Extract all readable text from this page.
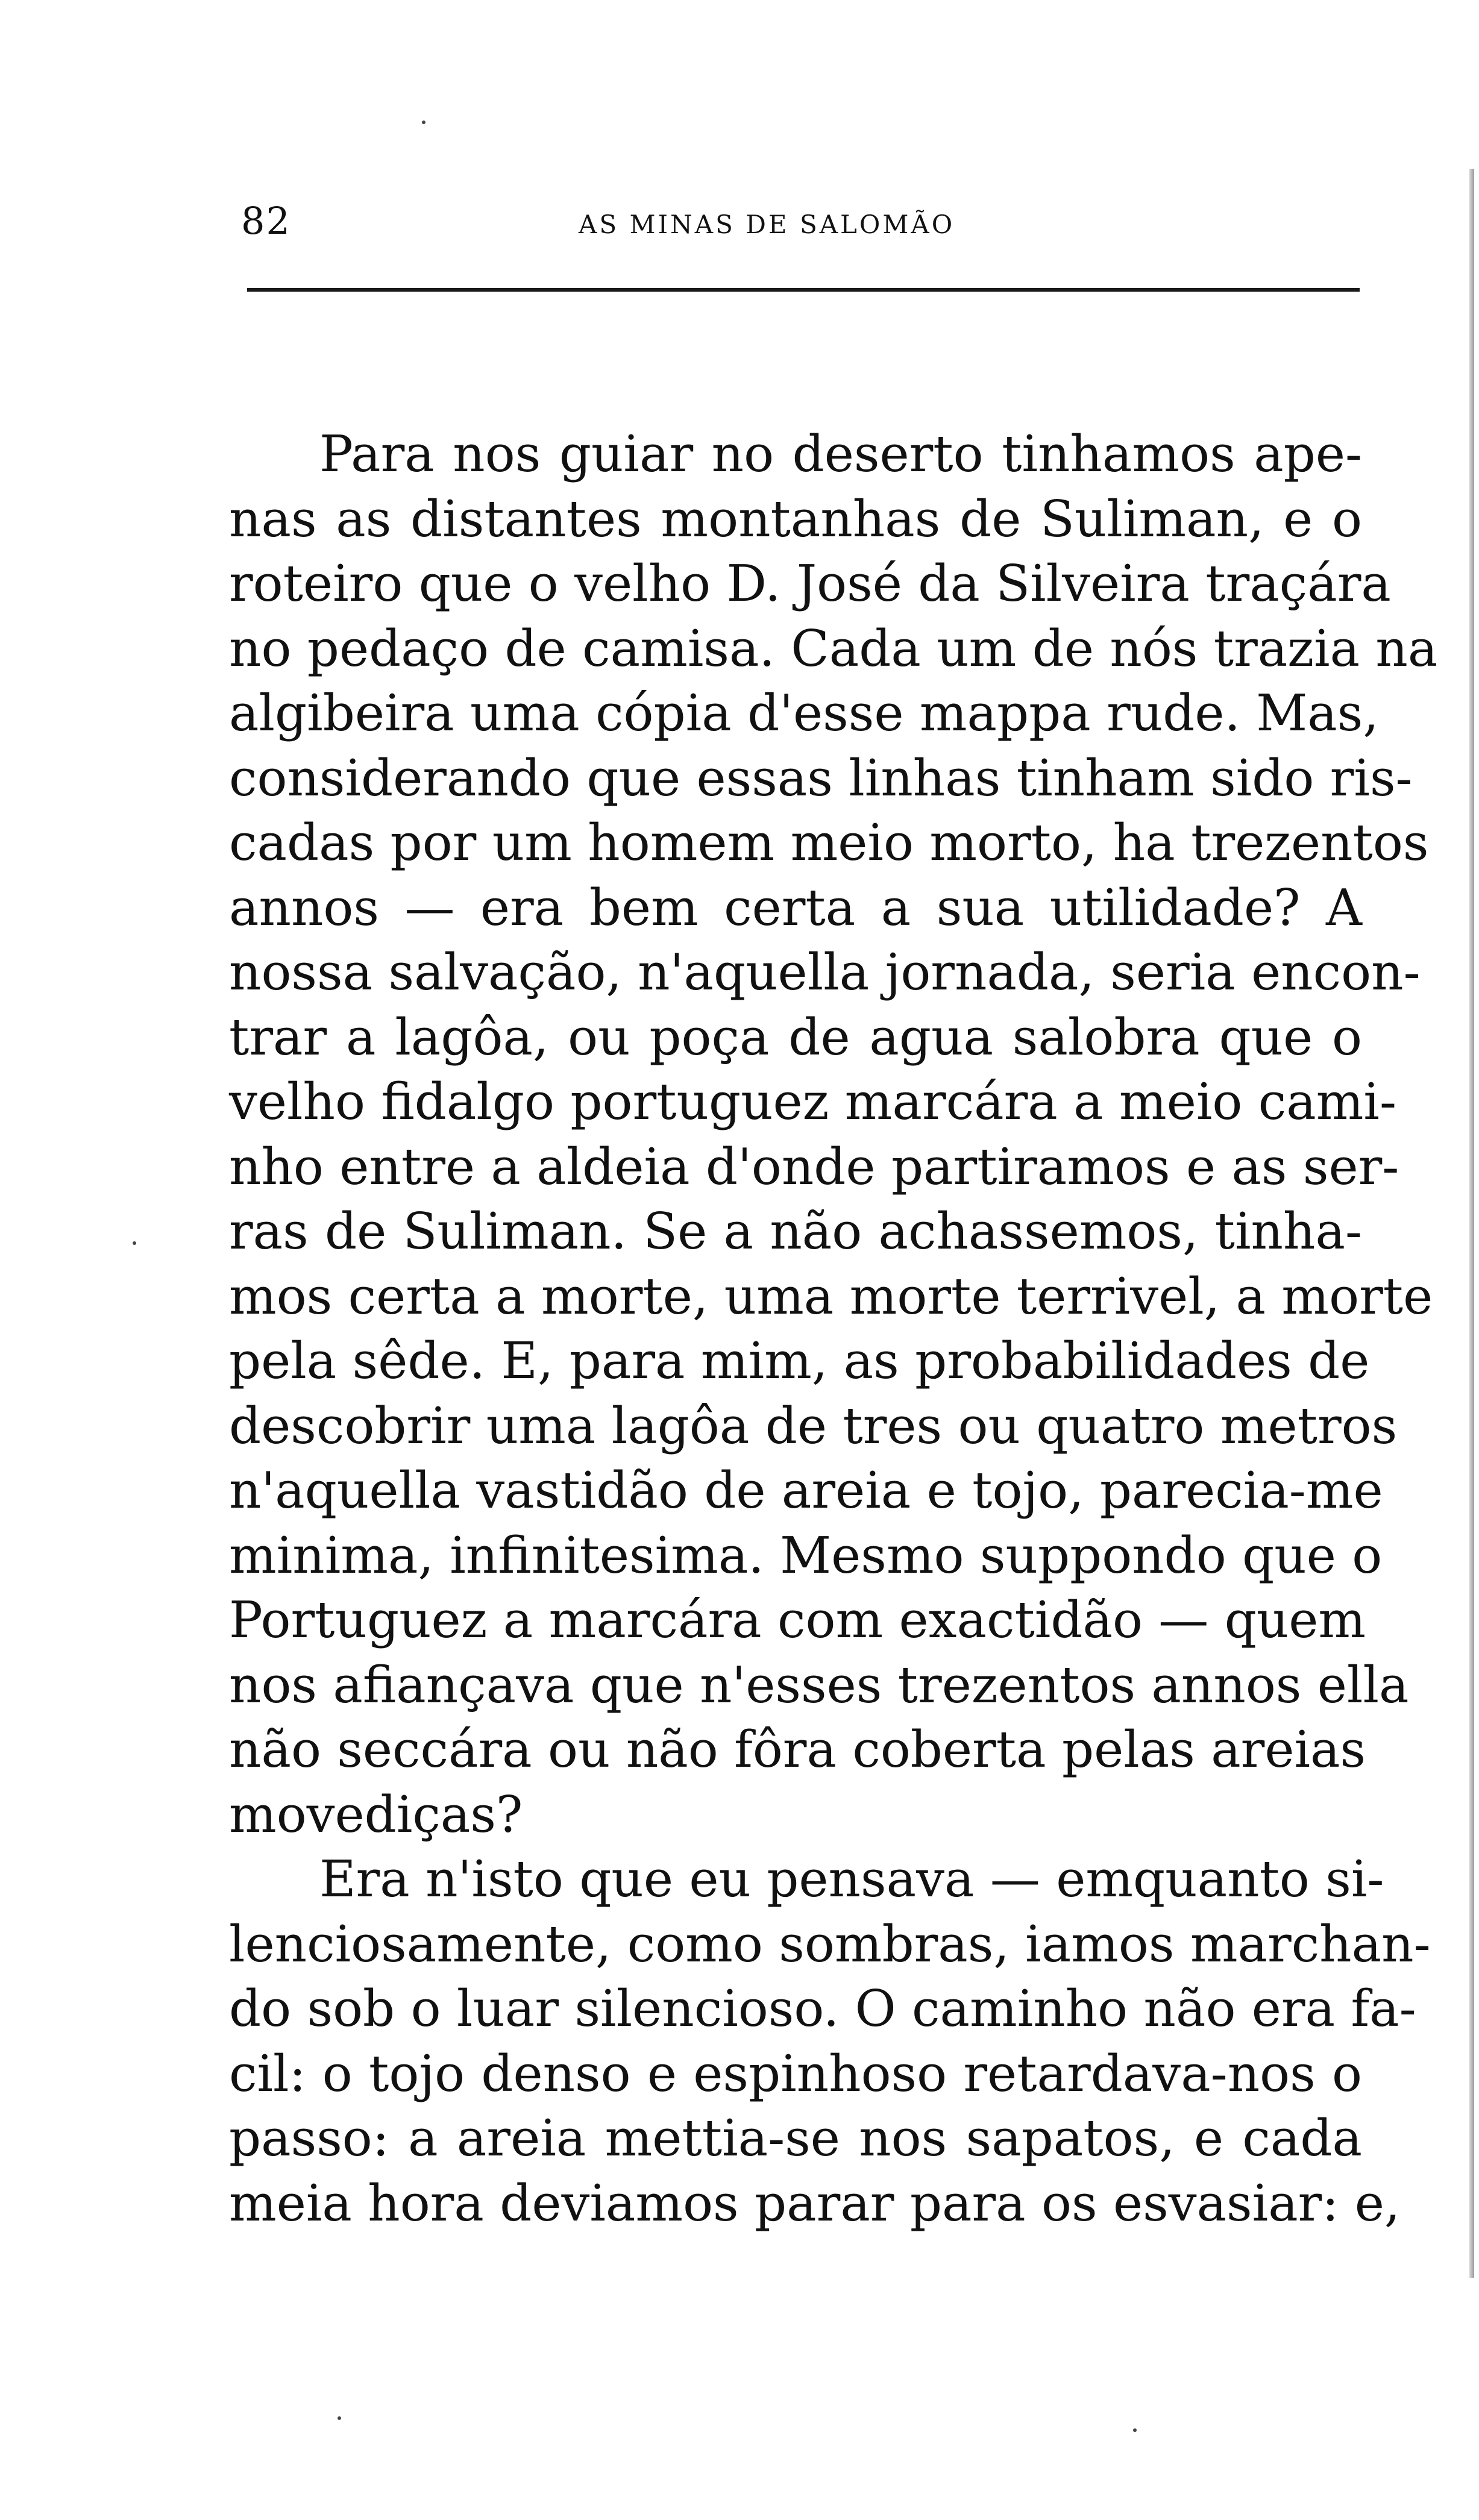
82	AS MINAS DE SALOMÃO
Para nos guiar no deserto tinhamos ape-
nas as distantes montanhas de Suliman, e o
roteiro que o velho D. José da Silveira traçára
no pedaço de camisa. Cada um de nós trazia na
algibeira uma cópia d'esse mappa rude. Mas,
considerando que essas linhas tinham sido ris-
cadas por um homem meio morto, ha trezentos
annos — era bem certa a sua utilidade? A
nossa salvação, n'aquella jornada, seria encon-
trar a lagôa, ou poça de agua salobra que o
velho fidalgo portuguez marcára a meio cami-
nho entre a aldeia d'onde partiramos e as ser-
ras de Suliman. Se a não achassemos, tinha-
mos certa a morte, uma morte terrivel, a morte
pela sêde. E, para mim, as probabilidades de
descobrir uma lagôa de tres ou quatro metros
n'aquella vastidão de areia e tojo, parecia-me
minima, infinitesima. Mesmo suppondo que o
Portuguez a marcára com exactidão — quem
nos afiançava que n'esses trezentos annos ella
não seccára ou não fôra coberta pelas areias
movediças?
Era n'isto que eu pensava — emquanto si-
lenciosamente, como sombras, iamos marchan-
do sob o luar silencioso. O caminho não era fa-
cil: o tojo denso e espinhoso retardava-nos o
passo: a areia mettia-se nos sapatos, e cada
meia hora deviamos parar para os esvasiar: e,
